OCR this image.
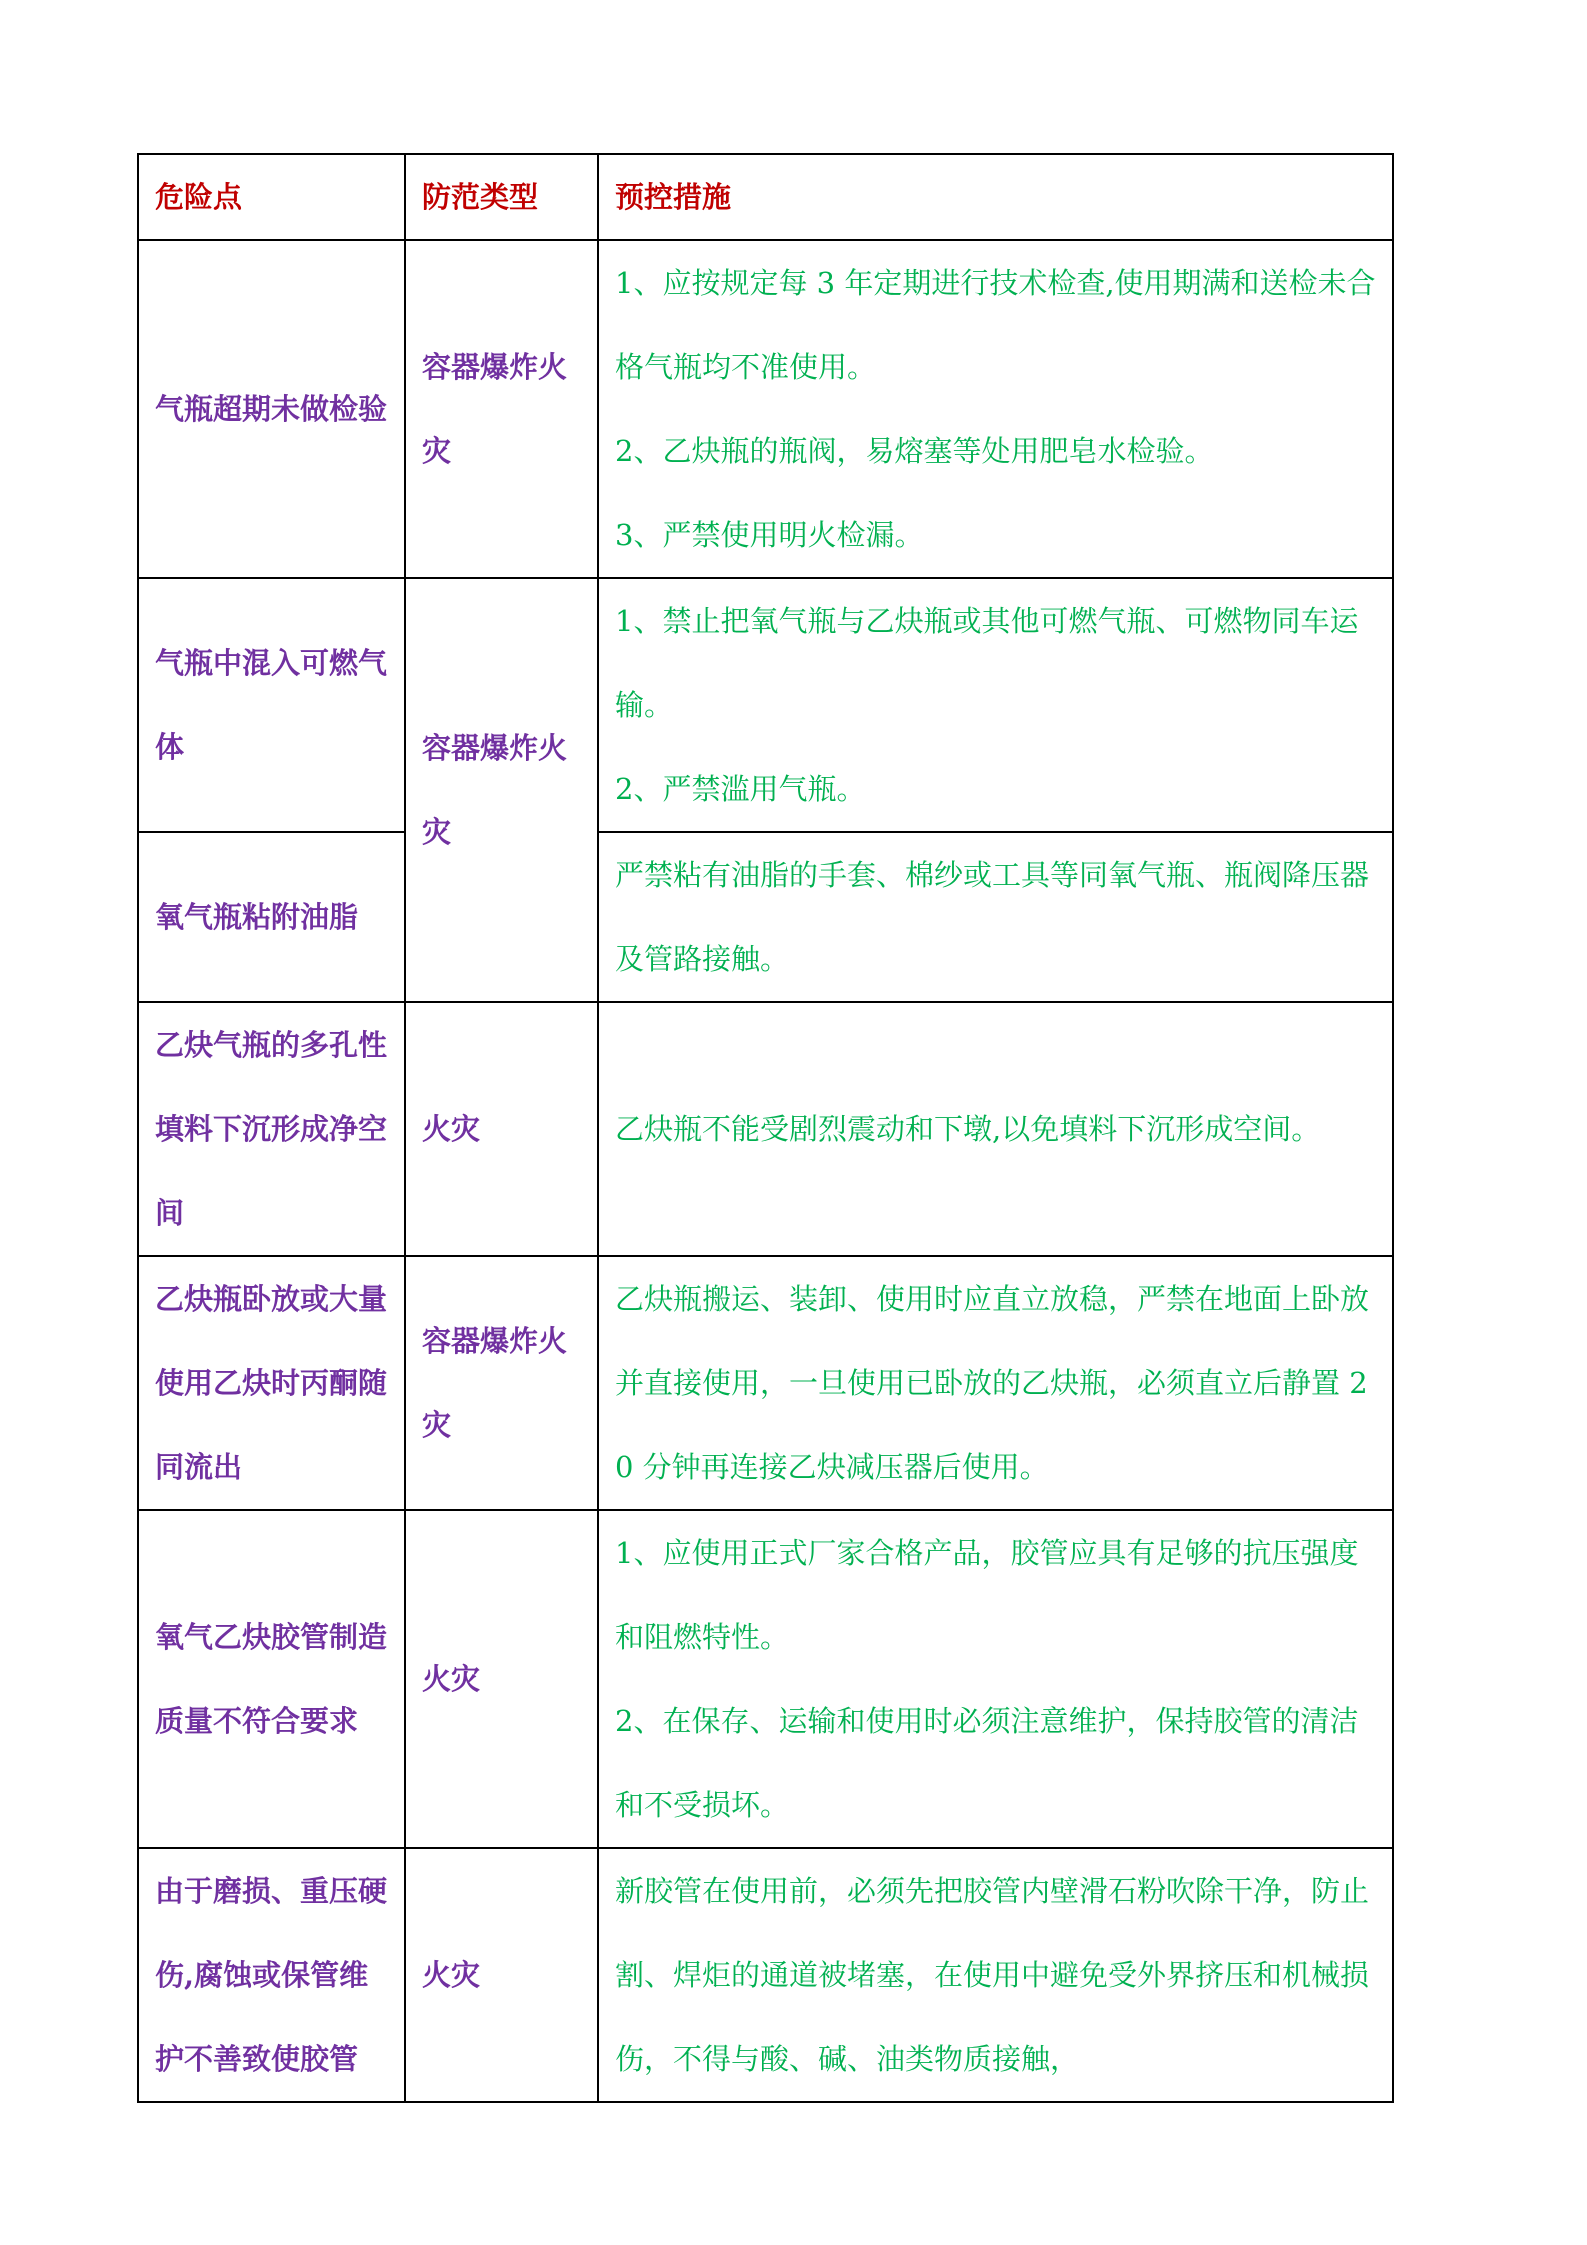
危险点	防范类型	预控措施
气瓶超期未做检验	容器爆炸火灾	1、应按规定每 3 年定期进行技术检查,使用期满和送检未合格气瓶均不准使用。

2、乙炔瓶的瓶阀，易熔塞等处用肥皂水检验。

3、严禁使用明火检漏。

气瓶中混入可燃气体	容器爆炸火灾	1、禁止把氧气瓶与乙炔瓶或其他可燃气瓶、可燃物同车运输。

2、严禁滥用气瓶。

氧气瓶粘附油脂		严禁粘有油脂的手套、棉纱或工具等同氧气瓶、瓶阀降压器及管路接触。

乙炔气瓶的多孔性填料下沉形成净空间	火灾	乙炔瓶不能受剧烈震动和下墩,以免填料下沉形成空间。

乙炔瓶卧放或大量使用乙炔时丙酮随同流出	容器爆炸火灾	乙炔瓶搬运、装卸、使用时应直立放稳，严禁在地面上卧放并直接使用，一旦使用已卧放的乙炔瓶，必须直立后静置 20 分钟再连接乙炔减压器后使用。

氧气乙炔胶管制造质量不符合要求	火灾	1、应使用正式厂家合格产品，胶管应具有足够的抗压强度和阻燃特性。

2、在保存、运输和使用时必须注意维护，保持胶管的清洁和不受损坏。

由于磨损、重压硬伤,腐蚀或保管维护不善致使胶管	火灾	新胶管在使用前，必须先把胶管内壁滑石粉吹除干净，防止割、焊炬的通道被堵塞，在使用中避免受外界挤压和机械损伤，不得与酸、碱、油类物质接触，
